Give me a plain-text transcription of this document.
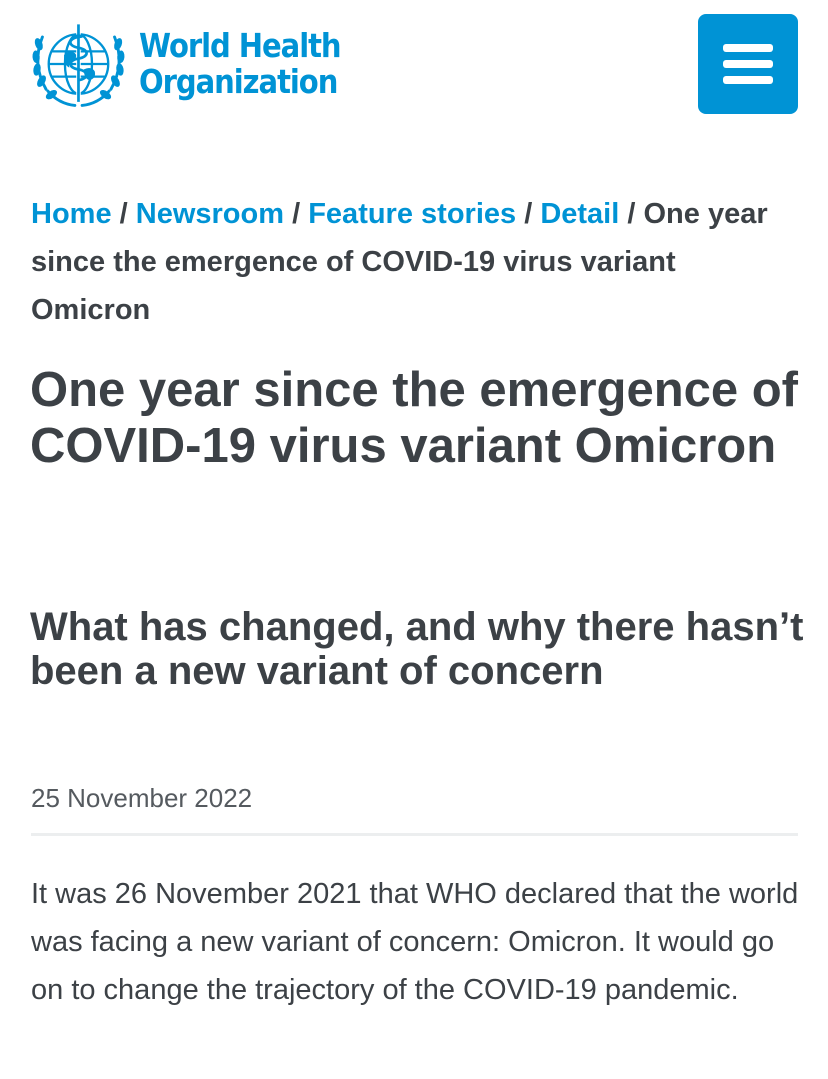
World Health
Organization
Home / Newsroom / Feature stories / Detail / One year since the emergence of COVID-19 virus variant Omicron
One year since the emergence of COVID-19 virus variant Omicron
What has changed, and why there hasn’t been a new variant of concern
25 November 2022

It was 26 November 2021 that WHO declared that the world was facing a new variant of concern: Omicron. It would go on to change the trajectory of the COVID-19 pandemic.
